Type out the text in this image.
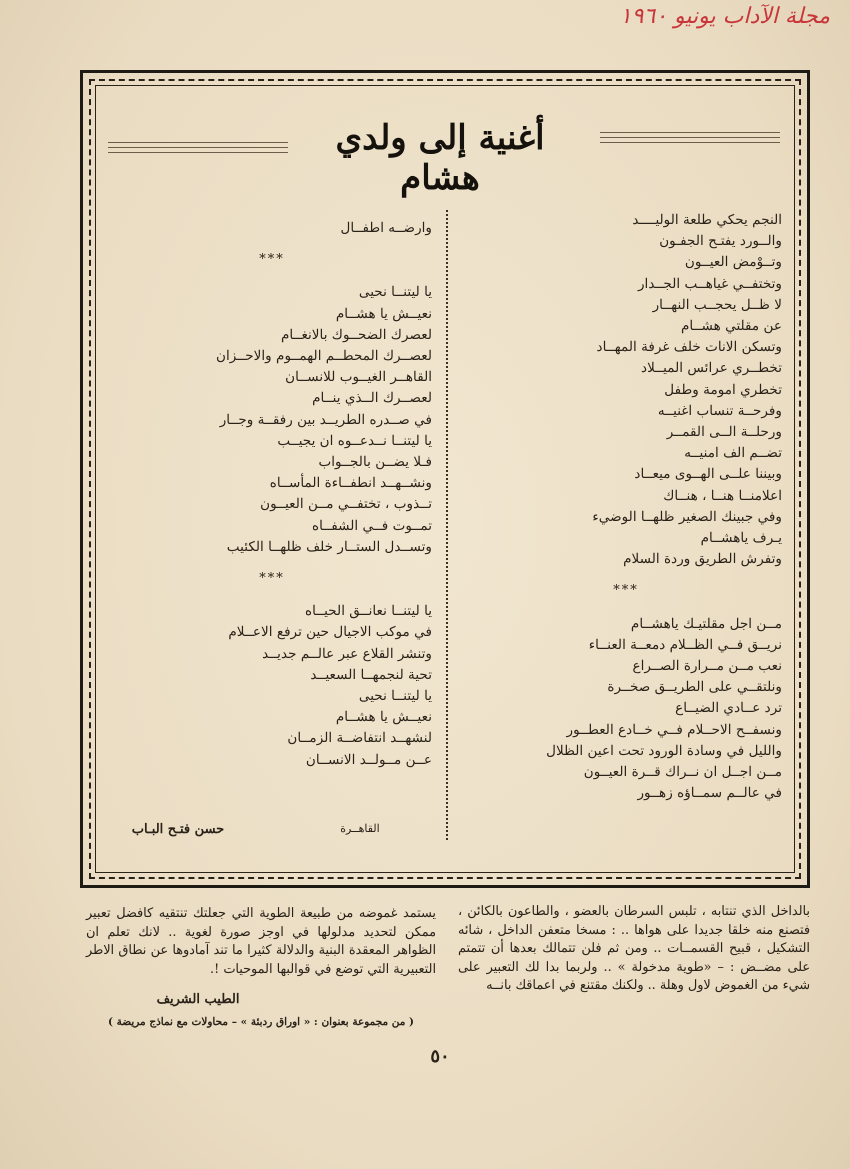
مجلة الآداب يونيو ١٩٦٠
أغنية إلى ولدي هشام
النجم يحكي طلعة الوليــــد
والــورد يفتـح الجفـون
وتــوْمض العيــون
وتختفــي غياهــب الجــدار
لا ظــل يحجــب النهــار
عن مقلتي هشــام
وتسكن الانات خلف غرفة المهــاد
تخطــري عرائس الميــلاد
تخطري امومة وطفل
وفرحــة تنساب اغنيــه
ورحلــة الــى القمــر
تضــم الف امنيــه
وبيننا علــى الهــوى ميعــاد
اعلامنــا هنــا ، هنــاك
وفي جبينك الصغير ظلهــا الوضيء
يـرف ياهشــام
وتفرش الطريق وردة السلام
***
مــن اجل مقلتيـك ياهشــام
نريــق فــي الظــلام دمعــة العنــاء
نعب مــن مــرارة الصــراع
ونلتقــي على الطريــق صخــرة
ترد عــادي الضيــاع
ونسفــح الاحــلام فــي خــادع العطــور
والليل في وسادة الورود تحت اعين الظلال
مــن اجــل ان نــراك قــرة العيــون
في عالــم سمــاؤه زهــور
وارضــه اطفــال
***
يا ليتنــا نحيى
نعيــش يا هشــام
لعصرك الضحــوك بالانغــام
لعصــرك المحطــم الهمــوم والاحــزان
القاهــر الغيــوب للانســان
لعصــرك الــذي ينــام
في صــدره الطريــد بين رفقــة وجــار
يا ليتنــا نــدعــوه ان يجيــب
فـلا يضــن بالجــواب
ونشــهــد انطفــاءة المأســاه
تــذوب ، تختفــي مــن العيــون
تمــوت فــي الشفــاه
وتســدل الستــار خلف ظلهــا الكئيب
***
يا ليتنــا نعانــق الحيــاه
في موكب الاجيال حين ترفع الاعــلام
وتنشر القلاع عبر عالــم جديــد
تحية لنجمهــا السعيــد
يا ليتنــا نحيى
نعيــش يا هشــام
لنشهــد انتفاضــة الزمــان
عــن مــولــد الانســان
القاهــرة
حسن فتـح البـاب
بالداخل الذي تنتابه ، تلبس السرطان بالعضو ، والطاعون بالكائن ، فتصنع منه خلقا جديدا على هواها .. : مسخا متعفن الداخل ، شائه التشكيل ، قبيح القسمــات .. ومن ثم فلن تتمالك بعدها أن تتمتم على مضــض : – «طوية مدخولة » .. ولربما بدا لك التعبير على شيء من الغموض لاول وهلة .. ولكنك مقتنع في اعماقك بانــه
يستمد غموضه من طبيعة الطوية التي جعلتك تنتقيه كافضل تعبير ممكن لتحديد مدلولها في اوجز صورة لغوية .. لانك تعلم ان الظواهر المعقدة البنية والدلالة كثيرا ما تند آمادوها عن نطاق الاطر التعبيرية التي توضع في قوالبها الموحيات !.
الطيب الشريف
( من مجموعة بعنوان : « اوراق ردبئة » – محاولات مع نماذج مريضة )
٥٠
